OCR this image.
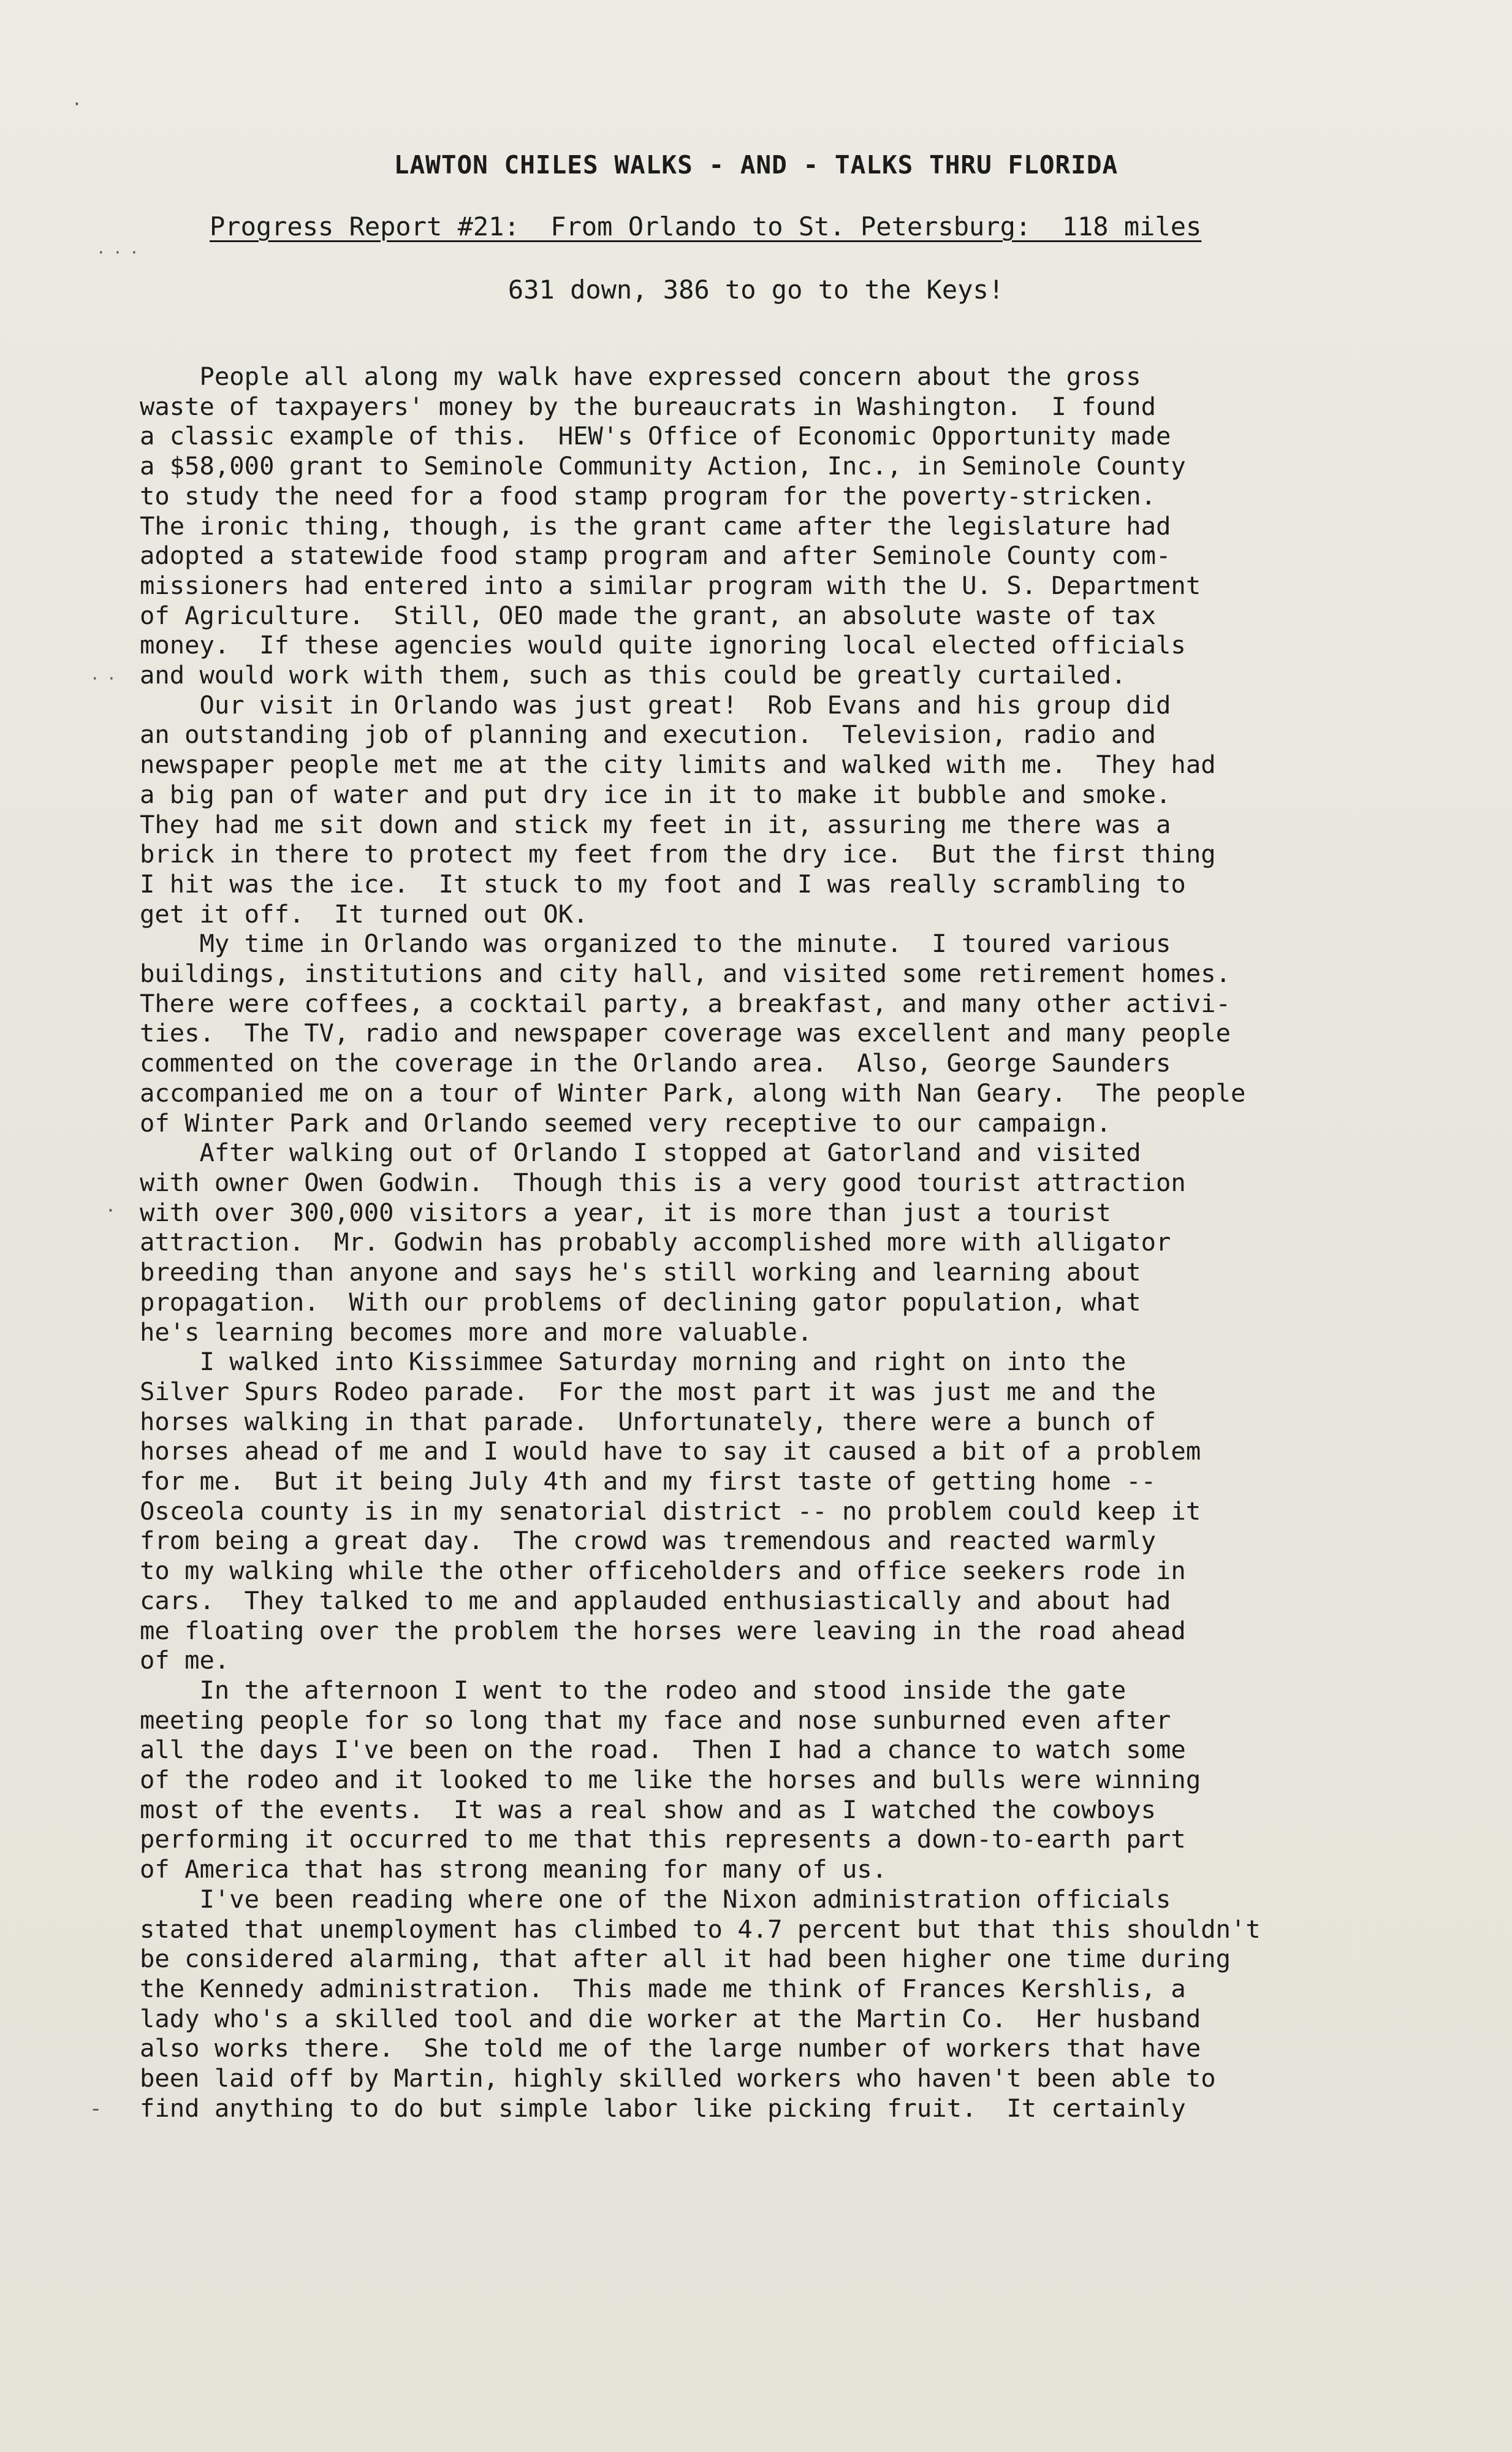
LAWTON CHILES WALKS - AND - TALKS THRU FLORIDA
Progress Report #21:  From Orlando to St. Petersburg:  118 miles
631 down, 386 to go to the Keys!

People all along my walk have expressed concern about the gross

waste of taxpayers' money by the bureaucrats in Washington.  I found

a classic example of this.  HEW's Office of Economic Opportunity made

a $58,000 grant to Seminole Community Action, Inc., in Seminole County

to study the need for a food stamp program for the poverty-stricken.

The ironic thing, though, is the grant came after the legislature had

adopted a statewide food stamp program and after Seminole County com-

missioners had entered into a similar program with the U. S. Department

of Agriculture.  Still, OEO made the grant, an absolute waste of tax

money.  If these agencies would quite ignoring local elected officials

and would work with them, such as this could be greatly curtailed.

Our visit in Orlando was just great!  Rob Evans and his group did

an outstanding job of planning and execution.  Television, radio and

newspaper people met me at the city limits and walked with me.  They had

a big pan of water and put dry ice in it to make it bubble and smoke.

They had me sit down and stick my feet in it, assuring me there was a

brick in there to protect my feet from the dry ice.  But the first thing

I hit was the ice.  It stuck to my foot and I was really scrambling to

get it off.  It turned out OK.

My time in Orlando was organized to the minute.  I toured various

buildings, institutions and city hall, and visited some retirement homes.

There were coffees, a cocktail party, a breakfast, and many other activi-

ties.  The TV, radio and newspaper coverage was excellent and many people

commented on the coverage in the Orlando area.  Also, George Saunders

accompanied me on a tour of Winter Park, along with Nan Geary.  The people

of Winter Park and Orlando seemed very receptive to our campaign.

After walking out of Orlando I stopped at Gatorland and visited

with owner Owen Godwin.  Though this is a very good tourist attraction

with over 300,000 visitors a year, it is more than just a tourist

attraction.  Mr. Godwin has probably accomplished more with alligator

breeding than anyone and says he's still working and learning about

propagation.  With our problems of declining gator population, what

he's learning becomes more and more valuable.

I walked into Kissimmee Saturday morning and right on into the

Silver Spurs Rodeo parade.  For the most part it was just me and the

horses walking in that parade.  Unfortunately, there were a bunch of

horses ahead of me and I would have to say it caused a bit of a problem

for me.  But it being July 4th and my first taste of getting home --

Osceola county is in my senatorial district -- no problem could keep it

from being a great day.  The crowd was tremendous and reacted warmly

to my walking while the other officeholders and office seekers rode in

cars.  They talked to me and applauded enthusiastically and about had

me floating over the problem the horses were leaving in the road ahead

of me.

In the afternoon I went to the rodeo and stood inside the gate

meeting people for so long that my face and nose sunburned even after

all the days I've been on the road.  Then I had a chance to watch some

of the rodeo and it looked to me like the horses and bulls were winning

most of the events.  It was a real show and as I watched the cowboys

performing it occurred to me that this represents a down-to-earth part

of America that has strong meaning for many of us.

I've been reading where one of the Nixon administration officials

stated that unemployment has climbed to 4.7 percent but that this shouldn't

be considered alarming, that after all it had been higher one time during

the Kennedy administration.  This made me think of Frances Kershlis, a

lady who's a skilled tool and die worker at the Martin Co.  Her husband

also works there.  She told me of the large number of workers that have

been laid off by Martin, highly skilled workers who haven't been able to

find anything to do but simple labor like picking fruit.  It certainly

·
· · ·
· ·
·
-
